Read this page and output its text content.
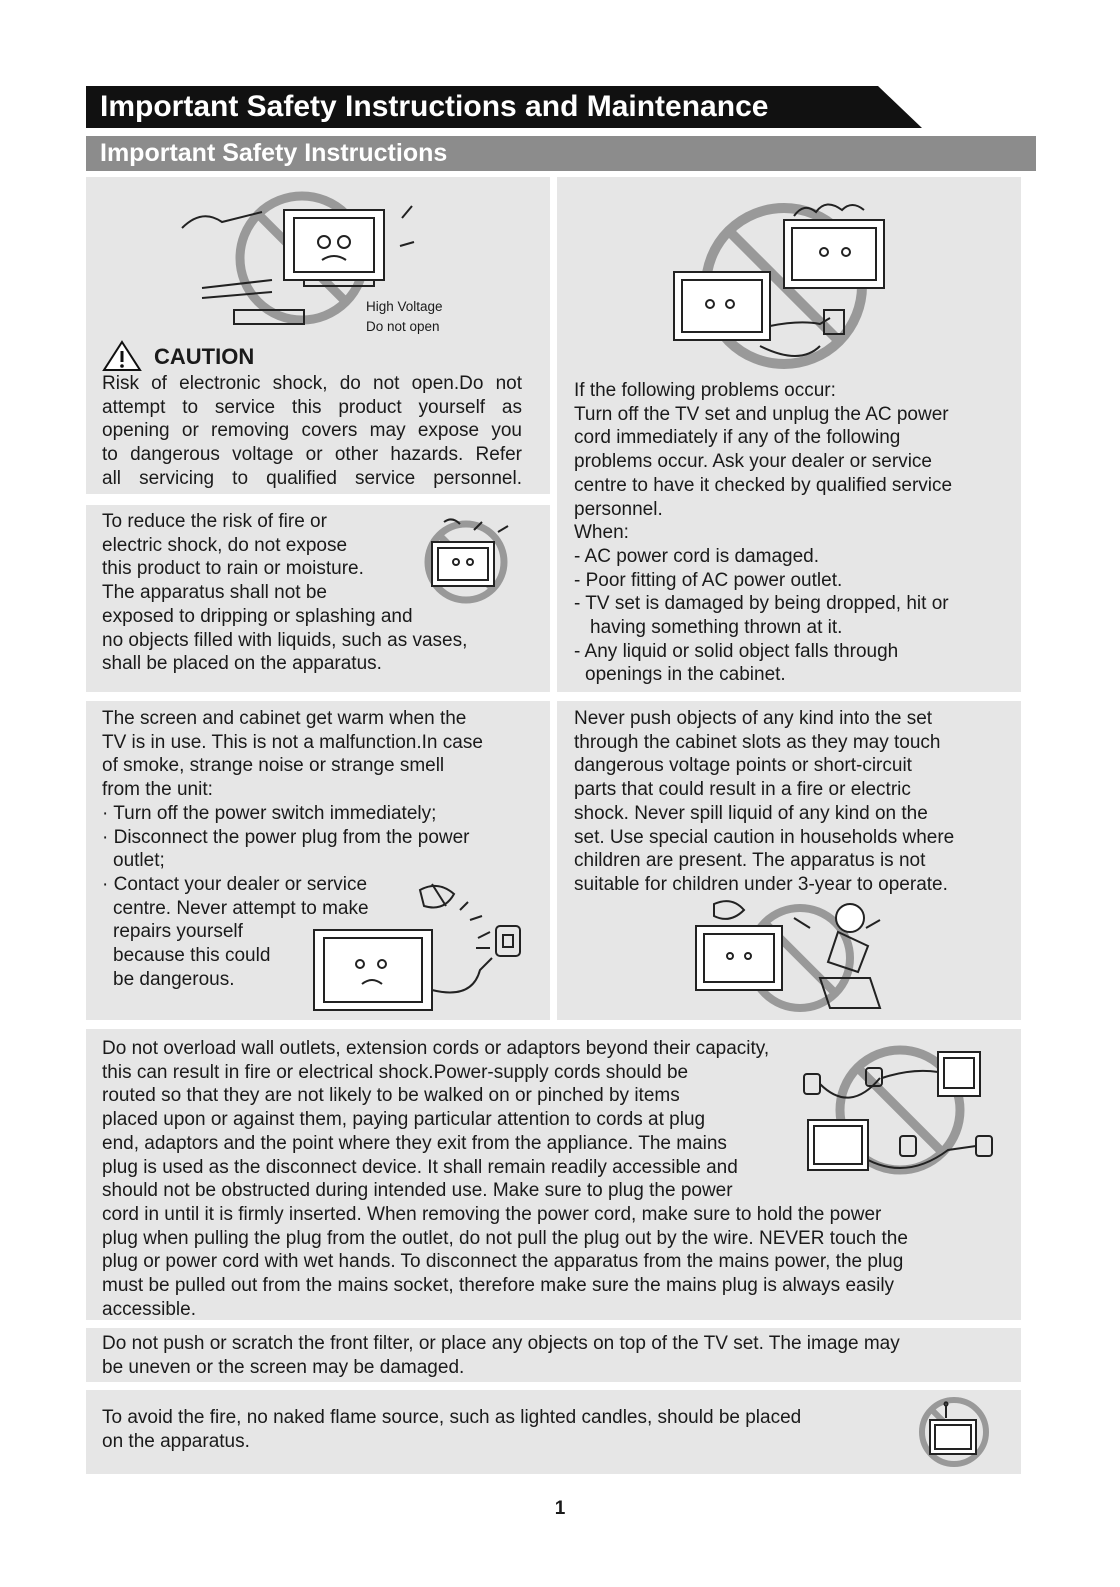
Important Safety Instructions and Maintenance
Important Safety Instructions
High Voltage
Do not open
CAUTION
Risk of electronic shock, do not open.Do not
attempt to service this product yourself as
opening or removing covers may expose you
to dangerous voltage or other hazards. Refer
all servicing to qualified service personnel.
To reduce the risk of fire or
electric shock, do not expose
this product to rain or moisture.
The apparatus shall not be
exposed to dripping or splashing and
no objects filled with liquids, such as vases,
shall be placed on the apparatus.
If the following problems occur:
Turn off the TV set and unplug the AC power
cord immediately if any of the following
problems occur. Ask your dealer or service
centre to have it checked by qualified service
personnel.
When:
- AC power cord is damaged.
- Poor fitting of AC power outlet.
- TV set is damaged by being dropped, hit or
having something thrown at it.
- Any liquid or solid object falls through
openings in the cabinet.
The screen and cabinet get warm when the
TV is in use. This is not a malfunction.In case
of smoke, strange noise or strange smell
from the unit:
· Turn off the power switch immediately;
· Disconnect the power plug from the power
outlet;
· Contact your dealer or service
centre. Never attempt to make
repairs yourself
because this could
be dangerous.
Never push objects of any kind into the set
through the cabinet slots as they may touch
dangerous voltage points or short-circuit
parts that could result in a fire or electric
shock. Never spill liquid of any kind on the
set. Use special caution in households where
children are present. The apparatus is not
suitable for children under 3-year to operate.
Do not overload wall outlets, extension cords or adaptors beyond their capacity,
this can result in fire or electrical shock.Power-supply cords should be
routed so that they are not likely to be walked on or pinched by items
placed upon or against them, paying particular attention to cords at plug
end, adaptors and the point where they exit from the appliance. The mains
plug is used as the disconnect device. It shall remain readily accessible and
should not be obstructed during intended use. Make sure to plug the power
cord in until it is firmly inserted. When removing the power cord, make sure to hold the power
plug when pulling the plug from the outlet, do not pull the plug out by the wire. NEVER touch the
plug or power cord with wet hands. To disconnect the apparatus from the mains power, the plug
must be pulled out from the mains socket, therefore make sure the mains plug is always easily
accessible.
Do not push or scratch the front filter, or place any objects on top of the TV set. The image may
be uneven or the screen may be damaged.
To avoid the fire, no naked flame source, such as lighted candles, should be placed
on the apparatus.
1
